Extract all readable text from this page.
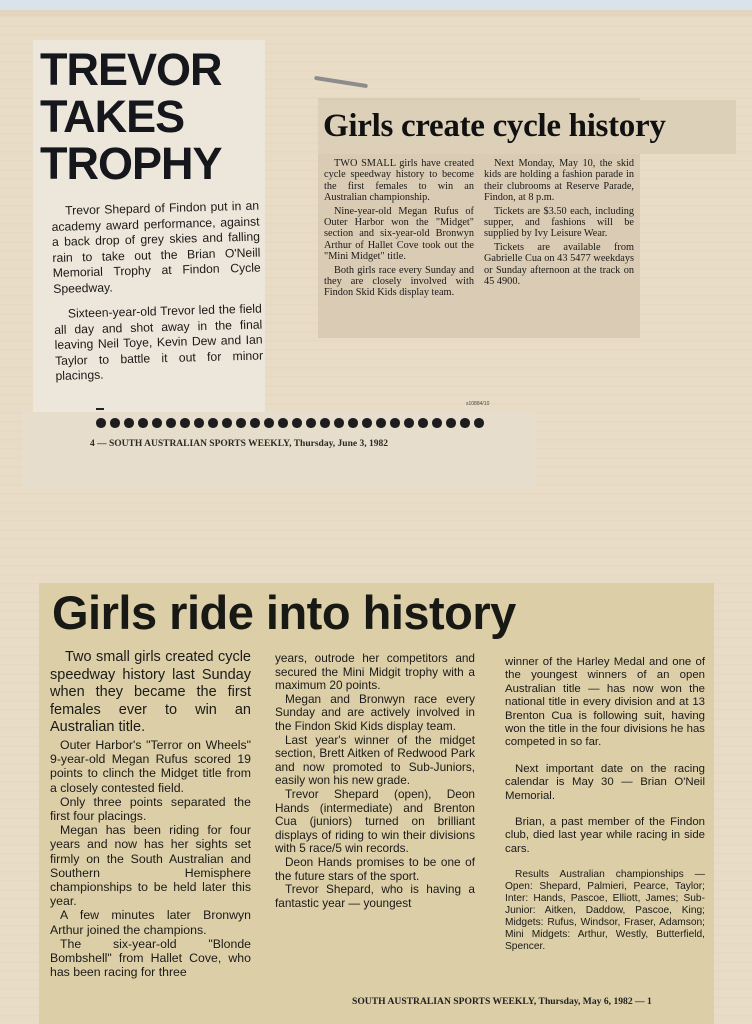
TREVOR
TAKES
TROPHY

Trevor Shepard of Findon put in an academy award performance, against a back drop of grey skies and falling rain to take out the Brian O'Neill Memorial Trophy at Findon Cycle Speedway.

Sixteen-year-old Trevor led the field all day and shot away in the final leaving Neil Toye, Kevin Dew and Ian Taylor to battle it out for minor placings.

Girls create cycle history

TWO SMALL girls have created cycle speedway history to become the first females to win an Australian championship.

Nine-year-old Megan Rufus of Outer Harbor won the "Midget" section and six-year-old Bronwyn Arthur of Hallet Cove took out the "Mini Midget" title.

Both girls race every Sunday and they are closely involved with Findon Skid Kids display team.

Next Monday, May 10, the skid kids are holding a fashion parade in their clubrooms at Reserve Parade, Findon, at 8 p.m.

Tickets are $3.50 each, including supper, and fashions will be supplied by Ivy Leisure Wear.

Tickets are available from Gabrielle Cua on 43 5477 weekdays or Sunday afternoon at the track on 45 4900.

s10884/10
4 — SOUTH AUSTRALIAN SPORTS WEEKLY, Thursday, June 3, 1982
Girls ride into history

Two small girls created cycle speedway history last Sunday when they became the first females ever to win an Australian title.

Outer Harbor's "Terror on Wheels" 9-year-old Megan Rufus scored 19 points to clinch the Midget title from a closely contested field.

Only three points separated the first four placings.

Megan has been riding for four years and now has her sights set firmly on the South Australian and Southern Hemisphere championships to be held later this year.

A few minutes later Bronwyn Arthur joined the champions.

The six-year-old "Blonde Bombshell" from Hallet Cove, who has been racing for three

years, outrode her competitors and secured the Mini Midgit trophy with a maximum 20 points.

Megan and Bronwyn race every Sunday and are actively involved in the Findon Skid Kids display team.

Last year's winner of the midget section, Brett Aitken of Redwood Park and now promoted to Sub-Juniors, easily won his new grade.

Trevor Shepard (open), Deon Hands (intermediate) and Brenton Cua (juniors) turned on brilliant displays of riding to win their divisions with 5 race/5 win records.

Deon Hands promises to be one of the future stars of the sport.

Trevor Shepard, who is having a fantastic year — youngest

winner of the Harley Medal and one of the youngest winners of an open Australian title — has now won the national title in every division and at 13 Brenton Cua is following suit, having won the title in the four divisions he has competed in so far.

Next important date on the racing calendar is May 30 — Brian O'Neil Memorial.

Brian, a past member of the Findon club, died last year while racing in side cars.

Results Australian championships — Open: Shepard, Palmieri, Pearce, Taylor; Inter: Hands, Pascoe, Elliott, James; Sub-Junior: Aitken, Daddow, Pascoe, King; Midgets: Rufus, Windsor, Fraser, Adamson; Mini Midgets: Arthur, Westly, Butterfield, Spencer.

SOUTH AUSTRALIAN SPORTS WEEKLY, Thursday, May 6, 1982 — 1
